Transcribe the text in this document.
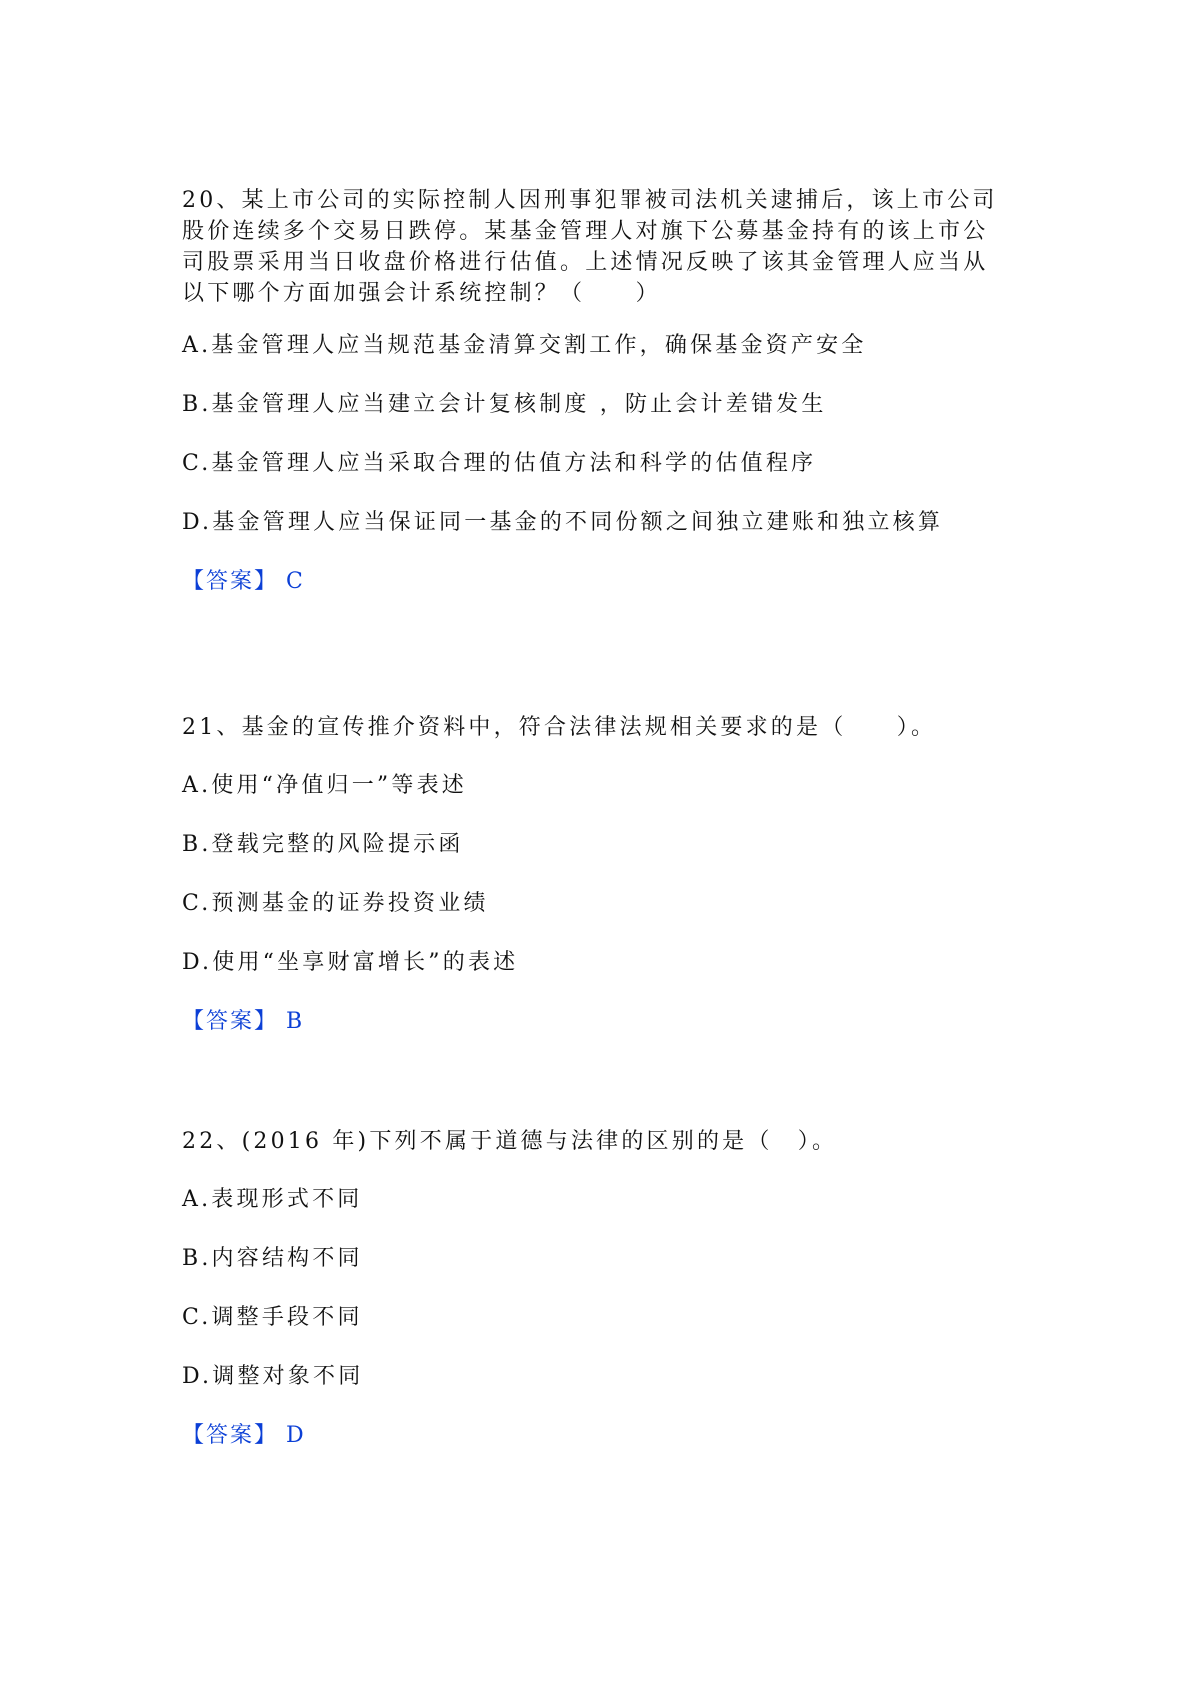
20、某上市公司的实际控制人因刑事犯罪被司法机关逮捕后，该上市公司股价连续多个交易日跌停。某基金管理人对旗下公募基金持有的该上市公司股票采用当日收盘价格进行估值。上述情况反映了该其金管理人应当从以下哪个方面加强会计系统控制？（　　）

A.基金管理人应当规范基金清算交割工作，确保基金资产安全

B.基金管理人应当建立会计复核制度 ，防止会计差错发生

C.基金管理人应当采取合理的估值方法和科学的估值程序

D.基金管理人应当保证同一基金的不同份额之间独立建账和独立核算

【答案】 C

21、基金的宣传推介资料中，符合法律法规相关要求的是（　　）。

A.使用“净值归一”等表述

B.登载完整的风险提示函

C.预测基金的证券投资业绩

D.使用“坐享财富增长”的表述

【答案】 B

22、(2016 年)下列不属于道德与法律的区别的是（　）。

A.表现形式不同

B.内容结构不同

C.调整手段不同

D.调整对象不同

【答案】 D
